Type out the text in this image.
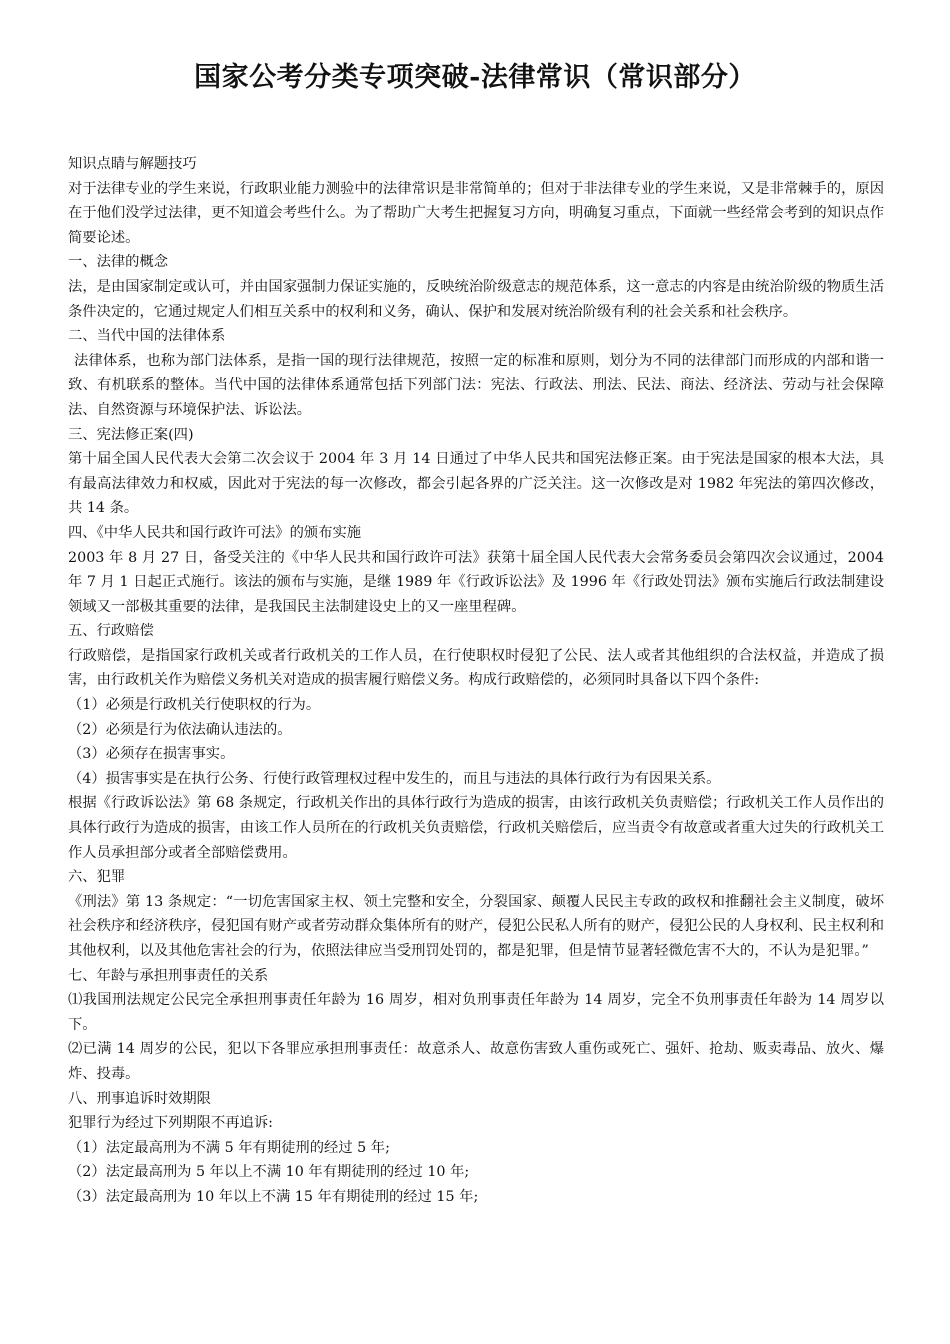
国家公考分类专项突破-法律常识（常识部分）

知识点睛与解题技巧

对于法律专业的学生来说，行政职业能力测验中的法律常识是非常简单的；但对于非法律专业的学生来说，又是非常棘手的，原因在于他们没学过法律，更不知道会考些什么。为了帮助广大考生把握复习方向，明确复习重点，下面就一些经常会考到的知识点作简要论述。

一、法律的概念

法，是由国家制定或认可，并由国家强制力保证实施的，反映统治阶级意志的规范体系，这一意志的内容是由统治阶级的物质生活条件决定的，它通过规定人们相互关系中的权利和义务，确认、保护和发展对统治阶级有利的社会关系和社会秩序。

二、当代中国的法律体系

法律体系，也称为部门法体系，是指一国的现行法律规范，按照一定的标准和原则，划分为不同的法律部门而形成的内部和谐一致、有机联系的整体。当代中国的法律体系通常包括下列部门法：宪法、行政法、刑法、民法、商法、经济法、劳动与社会保障法、自然资源与环境保护法、诉讼法。

三、宪法修正案(四)

第十届全国人民代表大会第二次会议于 2004 年 3 月 14 日通过了中华人民共和国宪法修正案。由于宪法是国家的根本大法，具有最高法律效力和权威，因此对于宪法的每一次修改，都会引起各界的广泛关注。这一次修改是对 1982 年宪法的第四次修改，共 14 条。

四、《中华人民共和国行政许可法》的颁布实施

2003 年 8 月 27 日，备受关注的《中华人民共和国行政许可法》获第十届全国人民代表大会常务委员会第四次会议通过，2004 年 7 月 1 日起正式施行。该法的颁布与实施，是继 1989 年《行政诉讼法》及 1996 年《行政处罚法》颁布实施后行政法制建设领域又一部极其重要的法律，是我国民主法制建设史上的又一座里程碑。

五、行政赔偿

行政赔偿，是指国家行政机关或者行政机关的工作人员，在行使职权时侵犯了公民、法人或者其他组织的合法权益，并造成了损害，由行政机关作为赔偿义务机关对造成的损害履行赔偿义务。构成行政赔偿的，必须同时具备以下四个条件:

（1）必须是行政机关行使职权的行为。

（2）必须是行为依法确认违法的。

（3）必须存在损害事实。

（4）损害事实是在执行公务、行使行政管理权过程中发生的，而且与违法的具体行政行为有因果关系。

根据《行政诉讼法》第 68 条规定，行政机关作出的具体行政行为造成的损害，由该行政机关负责赔偿；行政机关工作人员作出的具体行政行为造成的损害，由该工作人员所在的行政机关负责赔偿，行政机关赔偿后，应当责令有故意或者重大过失的行政机关工作人员承担部分或者全部赔偿费用。

六、犯罪

《刑法》第 13 条规定：“一切危害国家主权、领土完整和安全，分裂国家、颠覆人民民主专政的政权和推翻社会主义制度，破坏社会秩序和经济秩序，侵犯国有财产或者劳动群众集体所有的财产，侵犯公民私人所有的财产，侵犯公民的人身权利、民主权利和其他权利，以及其他危害社会的行为，依照法律应当受刑罚处罚的，都是犯罪，但是情节显著轻微危害不大的，不认为是犯罪。”

七、年龄与承担刑事责任的关系

⑴我国刑法规定公民完全承担刑事责任年龄为 16 周岁，相对负刑事责任年龄为 14 周岁，完全不负刑事责任年龄为 14 周岁以下。

⑵已满 14 周岁的公民，犯以下各罪应承担刑事责任：故意杀人、故意伤害致人重伤或死亡、强奸、抢劫、贩卖毒品、放火、爆炸、投毒。

八、刑事追诉时效期限

犯罪行为经过下列期限不再追诉:

（1）法定最高刑为不满 5 年有期徒刑的经过 5 年;

（2）法定最高刑为 5 年以上不满 10 年有期徒刑的经过 10 年;

（3）法定最高刑为 10 年以上不满 15 年有期徒刑的经过 15 年;
